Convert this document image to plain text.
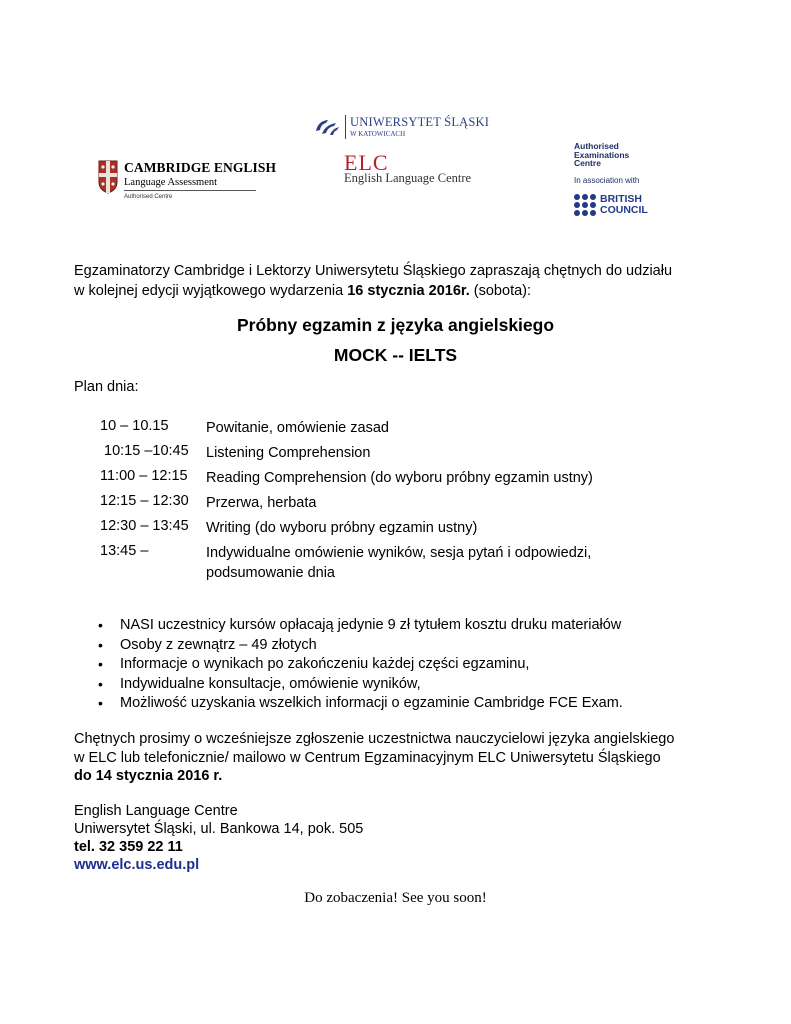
CAMBRIDGE ENGLISH
Language Assessment
Authorised Centre
UNIWERSYTET ŚLĄSKI
W KATOWICACH
ELC
English Language Centre
Authorised
Examinations
Centre
In association with
BRITISH
COUNCIL
Egzaminatorzy Cambridge i Lektorzy Uniwersytetu Śląskiego zapraszają chętnych do udziału
w kolejnej edycji wyjątkowego wydarzenia 16 stycznia 2016r. (sobota):
Próbny egzamin z języka angielskiego
MOCK -- IELTS
Plan dnia:
10 – 10.15	Powitanie, omówienie zasad
10:15 –10:45 Listening Comprehension
11:00 – 12:15 Reading Comprehension (do wyboru próbny egzamin ustny)
12:15 – 12:30 Przerwa, herbata
12:30 – 13:45 Writing (do wyboru próbny egzamin ustny)
13:45 –	Indywidualne omówienie wyników, sesja pytań i odpowiedzi,
podsumowanie dnia
• NASI uczestnicy kursów opłacają jedynie 9 zł tytułem kosztu druku materiałów
• Osoby z zewnątrz – 49 złotych
• Informacje o wynikach po zakończeniu każdej części egzaminu,
• Indywidualne konsultacje, omówienie wyników,
• Możliwość uzyskania wszelkich informacji o egzaminie Cambridge FCE Exam.
Chętnych prosimy o wcześniejsze zgłoszenie uczestnictwa nauczycielowi języka angielskiego
w ELC lub telefonicznie/ mailowo w Centrum Egzaminacyjnym ELC Uniwersytetu Śląskiego
do 14 stycznia 2016 r.
English Language Centre
Uniwersytet Śląski, ul. Bankowa 14, pok. 505
tel. 32 359 22 11
www.elc.us.edu.pl
Do zobaczenia! See you soon!
